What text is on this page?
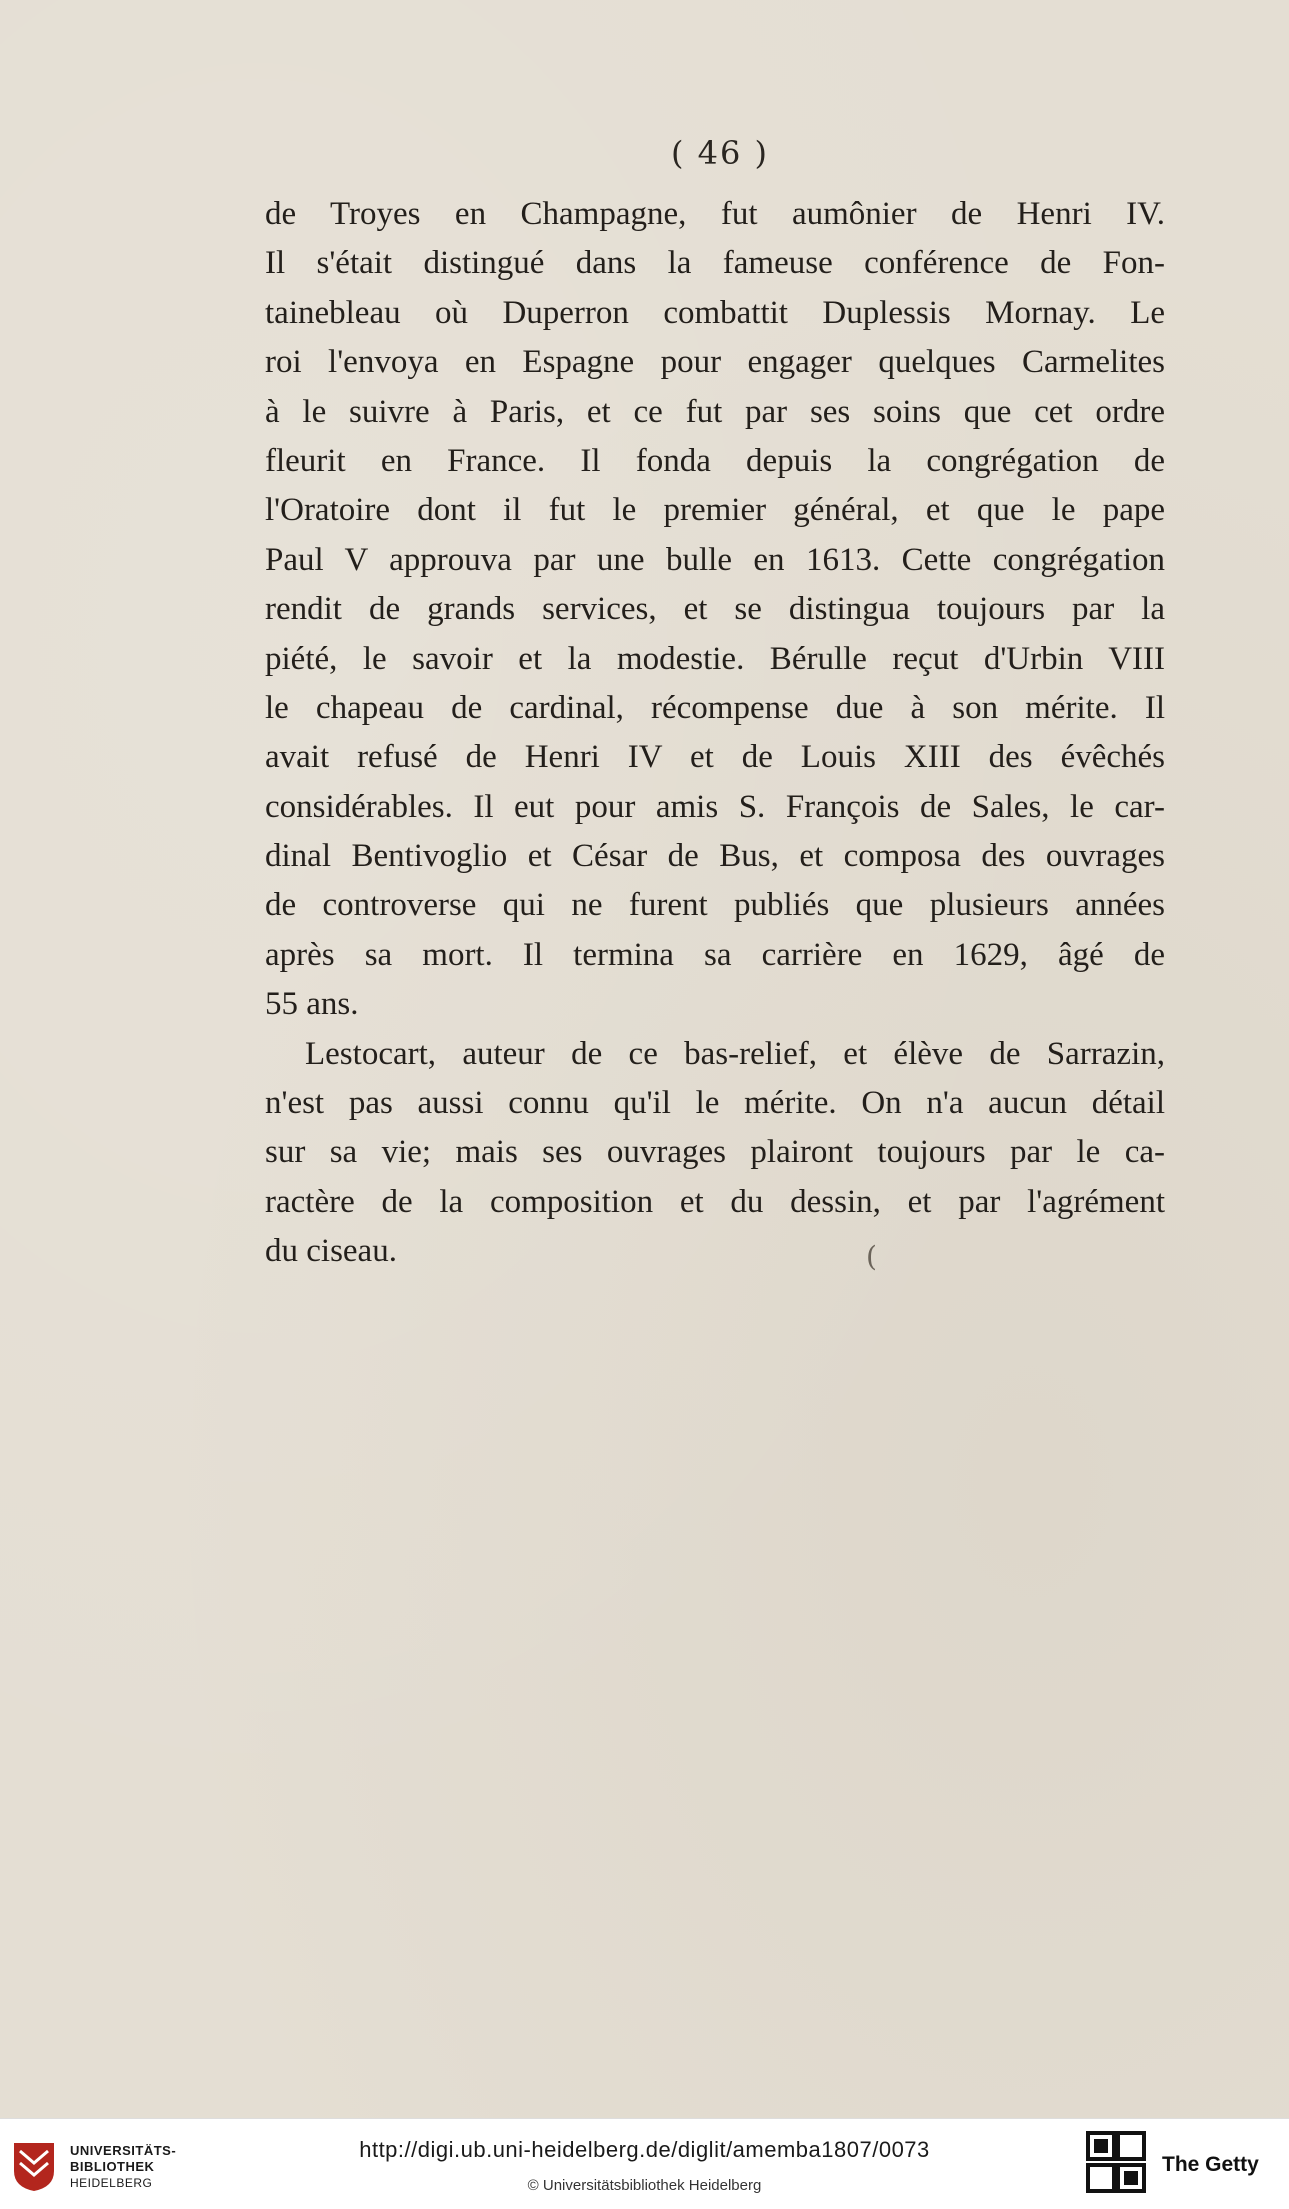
( 46 )
de Troyes en Champagne, fut aumônier de Henri IV.
Il s'était distingué dans la fameuse conférence de Fon-
tainebleau où Duperron combattit Duplessis Mornay. Le
roi l'envoya en Espagne pour engager quelques Carmelites
à le suivre à Paris, et ce fut par ses soins que cet ordre
fleurit en France. Il fonda depuis la congrégation de
l'Oratoire dont il fut le premier général, et que le pape
Paul V approuva par une bulle en 1613. Cette congrégation
rendit de grands services, et se distingua toujours par la
piété, le savoir et la modestie. Bérulle reçut d'Urbin VIII
le chapeau de cardinal, récompense due à son mérite. Il
avait refusé de Henri IV et de Louis XIII des évêchés
considérables. Il eut pour amis S. François de Sales, le car-
dinal Bentivoglio et César de Bus, et composa des ouvrages
de controverse qui ne furent publiés que plusieurs années
après sa mort. Il termina sa carrière en 1629, âgé de
55 ans.
Lestocart, auteur de ce bas-relief, et élève de Sarrazin,
n'est pas aussi connu qu'il le mérite. On n'a aucun détail
sur sa vie; mais ses ouvrages plairont toujours par le ca-
ractère de la composition et du dessin, et par l'agrément
du ciseau.	(
UNIVERSITÄTS-
BIBLIOTHEK
HEIDELBERG
http://digi.ub.uni-heidelberg.de/diglit/amemba1807/0073
© Universitätsbibliothek Heidelberg
The Getty
